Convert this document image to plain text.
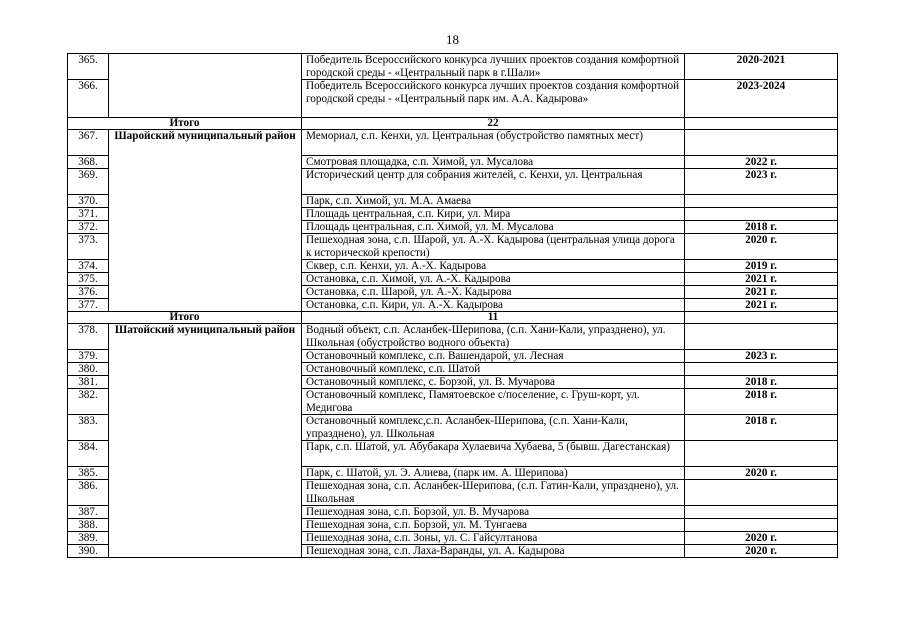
18
365.		Победитель Всероссийского конкурса лучших проектов создания комфортной городской среды - «Центральный парк в г.Шали»	2020-2021
366.		Победитель Всероссийского конкурса лучших проектов создания комфортной городской среды - «Центральный парк им. А.А. Кадырова»	2023-2024
Итого		22	
367.	Шаройский муниципальный район	Мемориал, с.п. Кенхи, ул. Центральная (обустройство памятных мест)	
368.		Смотровая площадка, с.п. Химой, ул. Мусалова	2022 г.
369.		Исторический центр для собрания жителей, с. Кенхи, ул. Центральная	2023 г.
370.		Парк, с.п. Химой, ул. М.А. Амаева	
371.		Площадь центральная, с.п. Кири, ул. Мира	
372.		Площадь центральная, с.п. Химой, ул. М. Мусалова	2018 г.
373.		Пешеходная зона, с.п. Шарой, ул. А.-Х. Кадырова (центральная улица дорога к исторической крепости)	2020 г.
374.		Сквер, с.п. Кенхи, ул. А.-Х. Кадырова	2019 г.
375.		Остановка, с.п. Химой, ул. А.-Х. Кадырова	2021 г.
376.		Остановка, с.п. Шарой, ул. А.-Х. Кадырова	2021 г.
377.		Остановка, с.п. Кири, ул. А.-Х. Кадырова	2021 г.
Итого		11	
378.	Шатойский муниципальный район	Водный объект, с.п. Асланбек-Шерипова, (с.п. Хани-Кали, упразднено), ул. Школьная (обустройство водного объекта)	
379.		Остановочный комплекс, с.п. Вашендарой, ул. Лесная	2023 г.
380.		Остановочный комплекс, с.п. Шатой	
381.		Остановочный комплекс, с. Борзой, ул. В. Мучарова	2018 г.
382.		Остановочный комплекс, Памятоевское с/поселение, с. Груш-корт, ул. Медигова	2018 г.
383.		Остановочный комплекс,с.п. Асланбек-Шерипова, (с.п. Хани-Кали, упразднено), ул. Школьная	2018 г.
384.		Парк, с.п. Шатой, ул. Абубакара Хулаевича Хубаева, 5 (бывш. Дагестанская)	
385.		Парк, с. Шатой, ул. Э. Алиева, (парк им. А. Шерипова)	2020 г.
386.		Пешеходная зона, с.п. Асланбек-Шерипова, (с.п. Гатин-Кали, упразднено), ул. Школьная	
387.		Пешеходная зона, с.п. Борзой, ул. В. Мучарова	
388.		Пешеходная зона, с.п. Борзой, ул. М. Тунгаева	
389.		Пешеходная зона, с.п. Зоны, ул. С. Гайсултанова	2020 г.
390.		Пешеходная зона, с.п. Лаха-Варанды, ул. А. Кадырова	2020 г.
